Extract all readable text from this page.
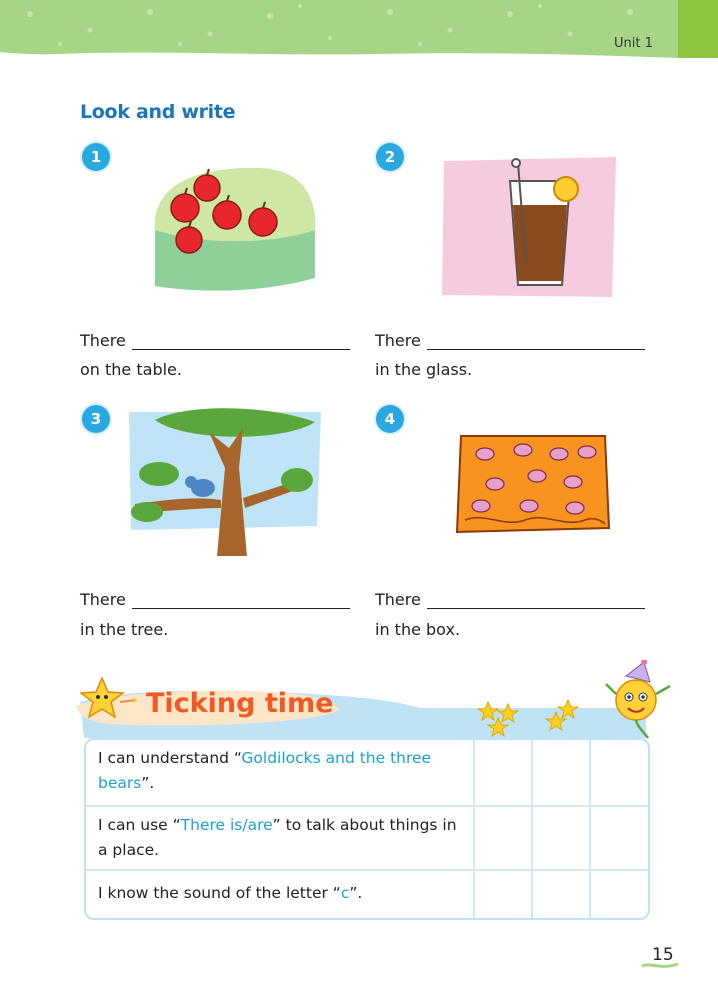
Unit 1
Look and write
1
There
on the table.
2
There
in the glass.
3
There
in the tree.
4
There
in the box.
Ticking time
I can understand “Goldilocks and the three bears”.
I can use “There is/are” to talk about things in a place.
I know the sound of the letter “c”.
15
